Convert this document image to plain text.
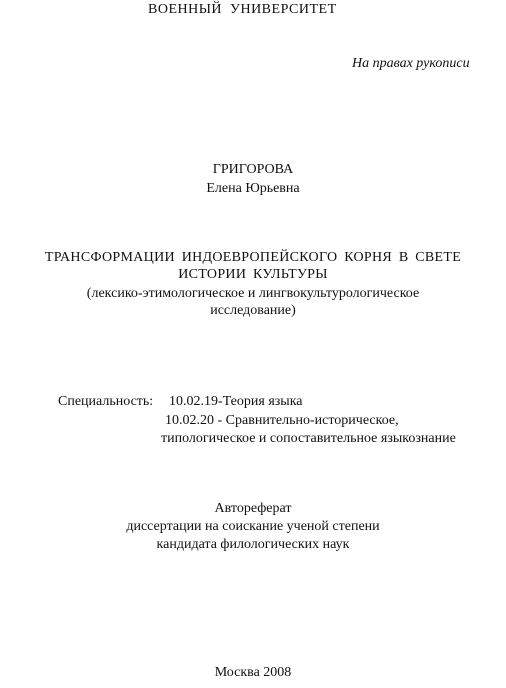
ВОЕННЫЙ УНИВЕРСИТЕТ
На правах рукописи
ГРИГОРОВА
Елена Юрьевна
ТРАНСФОРМАЦИИ ИНДОЕВРОПЕЙСКОГО КОРНЯ В СВЕТЕ
ИСТОРИИ КУЛЬТУРЫ
(лексико-этимологическое и лингвокультурологическое
исследование)
Специальность: 10.02.19-Теория языка
10.02.20 - Сравнительно-историческое,
типологическое и сопоставительное языкознание
Автореферат
диссертации на соискание ученой степени
кандидата филологических наук
Москва 2008
